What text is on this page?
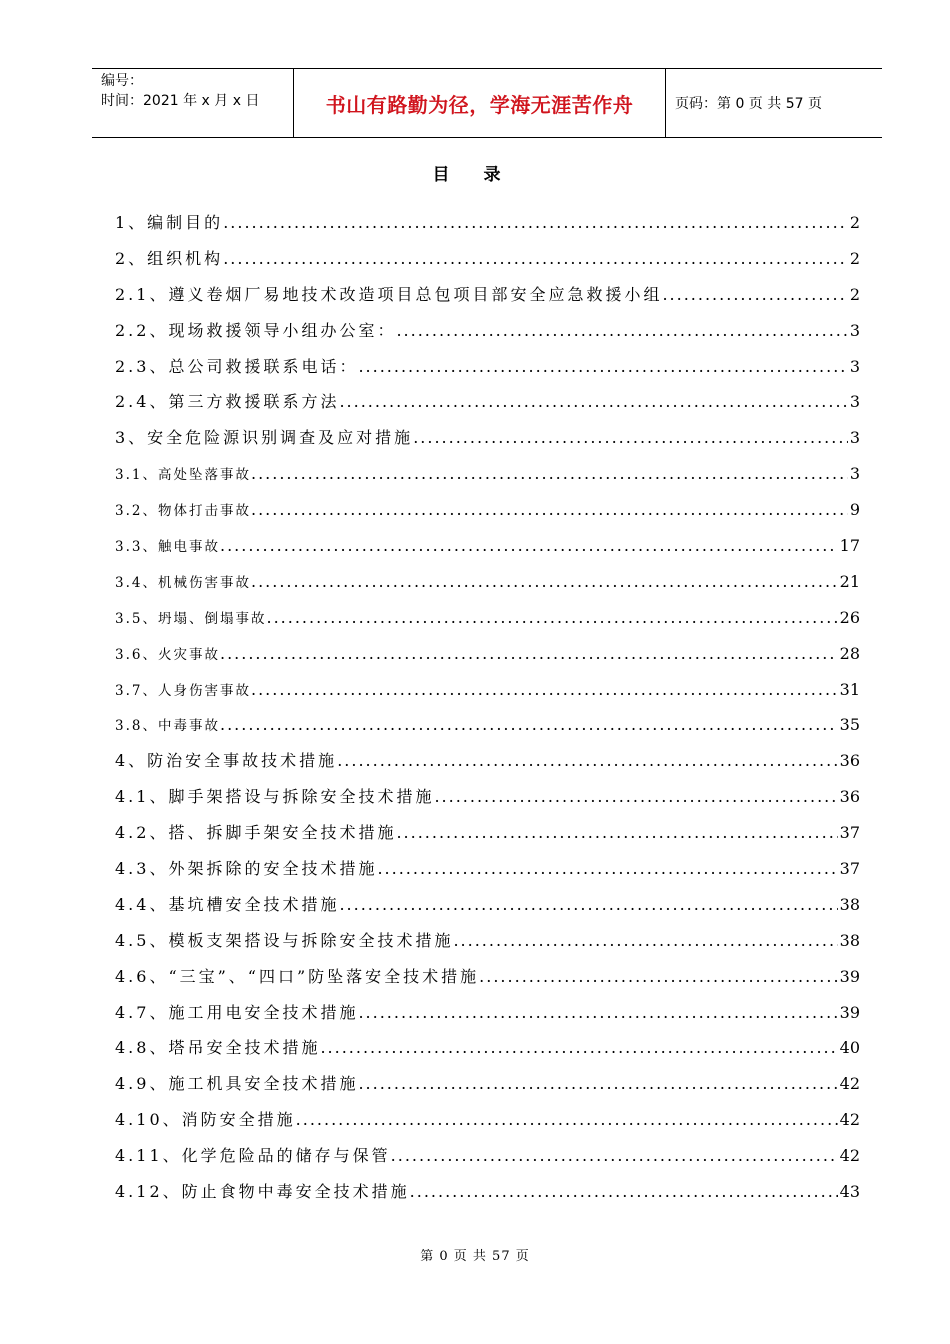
编号：
时间：2021 年 x 月 x 日	书山有路勤为径，学海无涯苦作舟	页码：第 0 页 共 57 页
目录
1、编制目的 .....	2
2、组织机构 .....	2
2.1、遵义卷烟厂易地技术改造项目总包项目部安全应急救援小组 .....	2
2.2、现场救援领导小组办公室： .....	3
2.3、总公司救援联系电话： .....	3
2.4、第三方救援联系方法 .....	3
3、安全危险源识别调查及应对措施 .....	3
3.1、高处坠落事故 .....	3
3.2、物体打击事故 .....	9
3.3、触电事故 .....	17
3.4、机械伤害事故 .....	21
3.5、坍塌、倒塌事故 .....	26
3.6、火灾事故 .....	28
3.7、人身伤害事故 .....	31
3.8、中毒事故 .....	35
4、防治安全事故技术措施 .....	36
4.1、脚手架搭设与拆除安全技术措施 .....	36
4.2、搭、拆脚手架安全技术措施 .....	37
4.3、外架拆除的安全技术措施 .....	37
4.4、基坑槽安全技术措施 .....	38
4.5、模板支架搭设与拆除安全技术措施 .....	38
4.6、“三宝”、“四口”防坠落安全技术措施 .....	39
4.7、施工用电安全技术措施 .....	39
4.8、塔吊安全技术措施 .....	40
4.9、施工机具安全技术措施 .....	42
4.10、消防安全措施 .....	42
4.11、化学危险品的储存与保管 .....	42
4.12、防止食物中毒安全技术措施 .....	43
第 0 页 共 57 页
